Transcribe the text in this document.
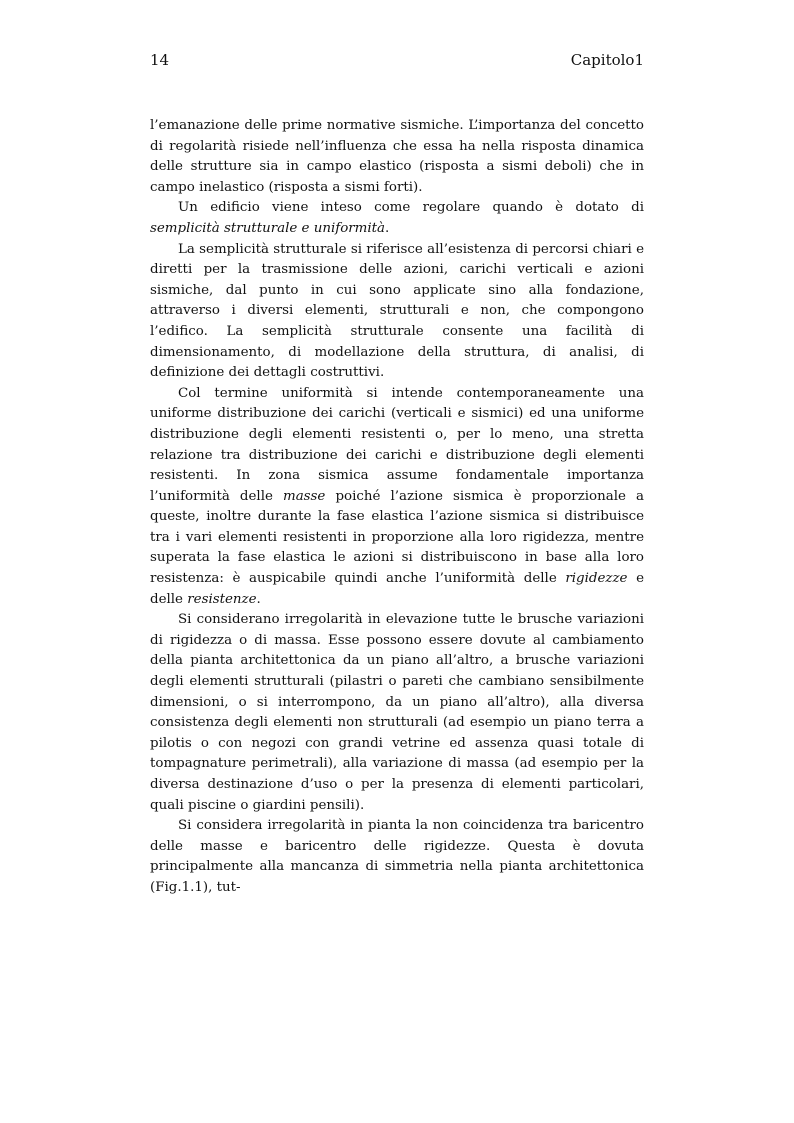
14	Capitolo1

l’emanazione delle prime normative sismiche. L’importanza del concetto di regolarità risiede nell’influenza che essa ha nella risposta dinamica delle strutture sia in campo elastico (risposta a sismi deboli) che in campo inelastico (risposta a sismi forti).

Un edificio viene inteso come regolare quando è dotato di semplicità strutturale e uniformità.

La semplicità strutturale si riferisce all’esistenza di percorsi chiari e diretti per la trasmissione delle azioni, carichi verticali e azioni sismiche, dal punto in cui sono applicate sino alla fondazione, attraverso i diversi elementi, strutturali e non, che compongono l’edifico. La semplicità strutturale consente una facilità di dimensionamento, di modellazione della struttura, di analisi, di definizione dei dettagli costruttivi.

Col termine uniformità si intende contemporaneamente una uniforme distribuzione dei carichi (verticali e sismici) ed una uniforme distribuzione degli elementi resistenti o, per lo meno, una stretta relazione tra distribuzione dei carichi e distribuzione degli elementi resistenti. In zona sismica assume fondamentale importanza l’uniformità delle masse poiché l’azione sismica è proporzionale a queste, inoltre durante la fase elastica l’azione sismica si distribuisce tra i vari elementi resistenti in proporzione alla loro rigidezza, mentre superata la fase elastica le azioni si distribuiscono in base alla loro resistenza: è auspicabile quindi anche l’uniformità delle rigidezze e delle resistenze.

Si considerano irregolarità in elevazione tutte le brusche variazioni di rigidezza o di massa. Esse possono essere dovute al cambiamento della pianta architettonica da un piano all’altro, a brusche variazioni degli elementi strutturali (pilastri o pareti che cambiano sensibilmente dimensioni, o si interrompono, da un piano all’altro), alla diversa consistenza degli elementi non strutturali (ad esempio un piano terra a pilotis o con negozi con grandi vetrine ed assenza quasi totale di tompagnature perimetrali), alla variazione di massa (ad esempio per la diversa destinazione d’uso o per la presenza di elementi particolari, quali piscine o giardini pensili).

Si considera irregolarità in pianta la non coincidenza tra baricentro delle masse e baricentro delle rigidezze. Questa è dovuta principalmente alla mancanza di simmetria nella pianta architettonica (Fig.1.1), tut-
